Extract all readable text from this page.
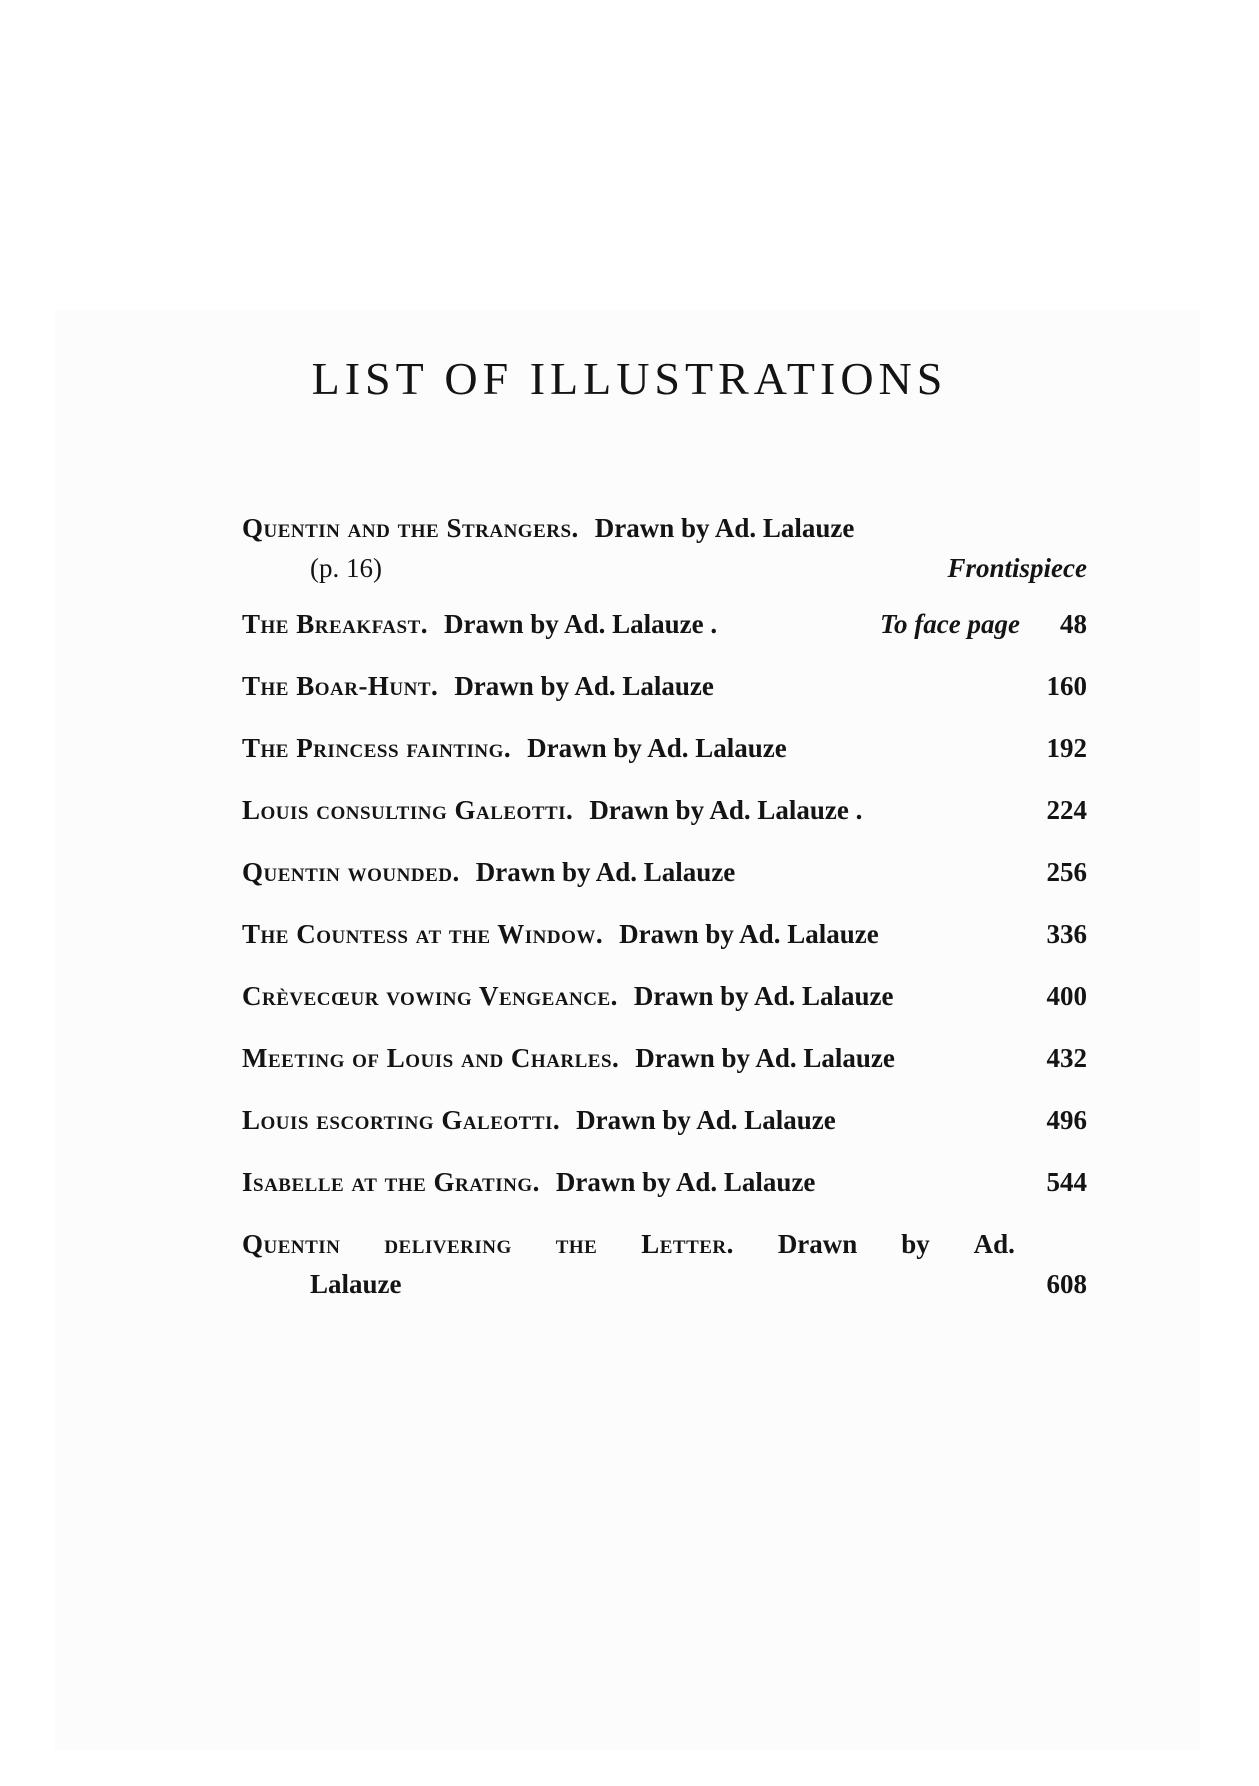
LIST OF ILLUSTRATIONS
Quentin and the Strangers. Drawn by Ad. Lalauze
(p. 16)	Frontispiece
The Breakfast. Drawn by Ad. Lalauze .	To face page 48
The Boar-Hunt. Drawn by Ad. Lalauze	160
The Princess fainting. Drawn by Ad. Lalauze	192
Louis consulting Galeotti. Drawn by Ad. Lalauze .	224
Quentin wounded. Drawn by Ad. Lalauze	256
The Countess at the Window. Drawn by Ad. Lalauze	336
Crèvecœur vowing Vengeance. Drawn by Ad. Lalauze	400
Meeting of Louis and Charles. Drawn by Ad. Lalauze	432
Louis escorting Galeotti. Drawn by Ad. Lalauze	496
Isabelle at the Grating. Drawn by Ad. Lalauze	544
Quentin delivering the Letter. Drawn by Ad.
Lalauze	608
